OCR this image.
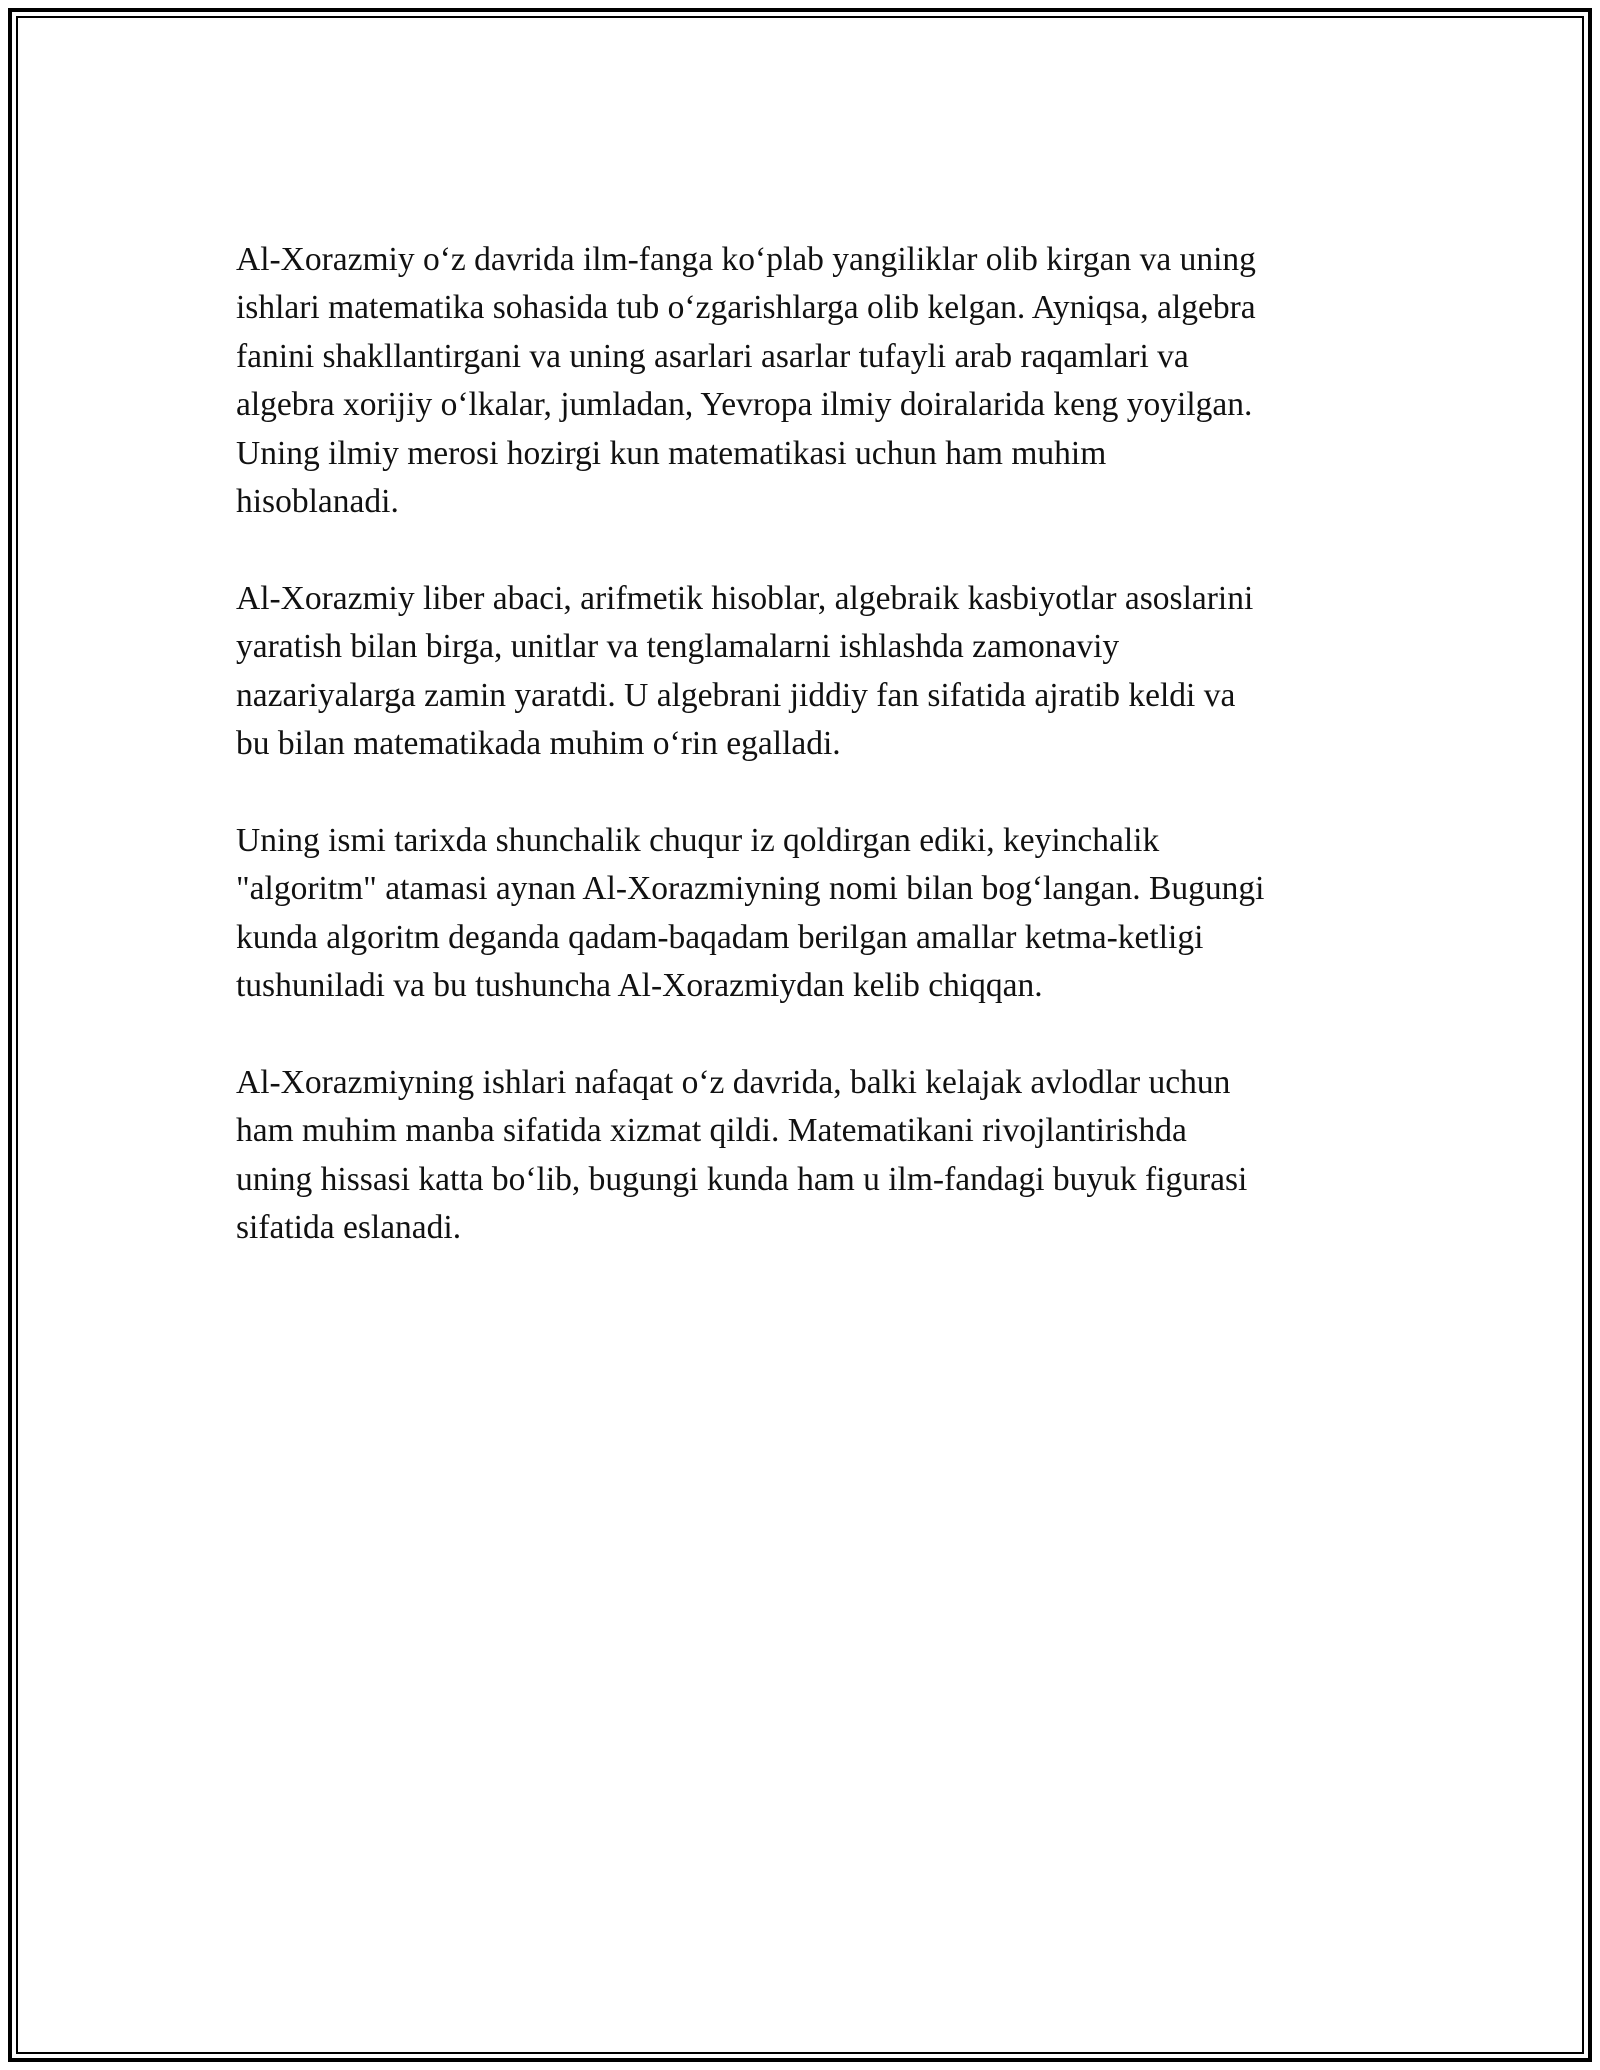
Al-Xorazmiy o‘z davrida ilm-fanga ko‘plab yangiliklar olib kirgan va uning
ishlari matematika sohasida tub o‘zgarishlarga olib kelgan. Ayniqsa, algebra
fanini shakllantirgani va uning asarlari asarlar tufayli arab raqamlari va
algebra xorijiy o‘lkalar, jumladan, Yevropa ilmiy doiralarida keng yoyilgan.
Uning ilmiy merosi hozirgi kun matematikasi uchun ham muhim
hisoblanadi.

Al-Xorazmiy liber abaci, arifmetik hisoblar, algebraik kasbiyotlar asoslarini
yaratish bilan birga, unitlar va tenglamalarni ishlashda zamonaviy
nazariyalarga zamin yaratdi. U algebrani jiddiy fan sifatida ajratib keldi va
bu bilan matematikada muhim o‘rin egalladi.

Uning ismi tarixda shunchalik chuqur iz qoldirgan ediki, keyinchalik
"algoritm" atamasi aynan Al-Xorazmiyning nomi bilan bog‘langan. Bugungi
kunda algoritm deganda qadam-baqadam berilgan amallar ketma-ketligi
tushuniladi va bu tushuncha Al-Xorazmiydan kelib chiqqan.

Al-Xorazmiyning ishlari nafaqat o‘z davrida, balki kelajak avlodlar uchun
ham muhim manba sifatida xizmat qildi. Matematikani rivojlantirishda
uning hissasi katta bo‘lib, bugungi kunda ham u ilm-fandagi buyuk figurasi
sifatida eslanadi.
